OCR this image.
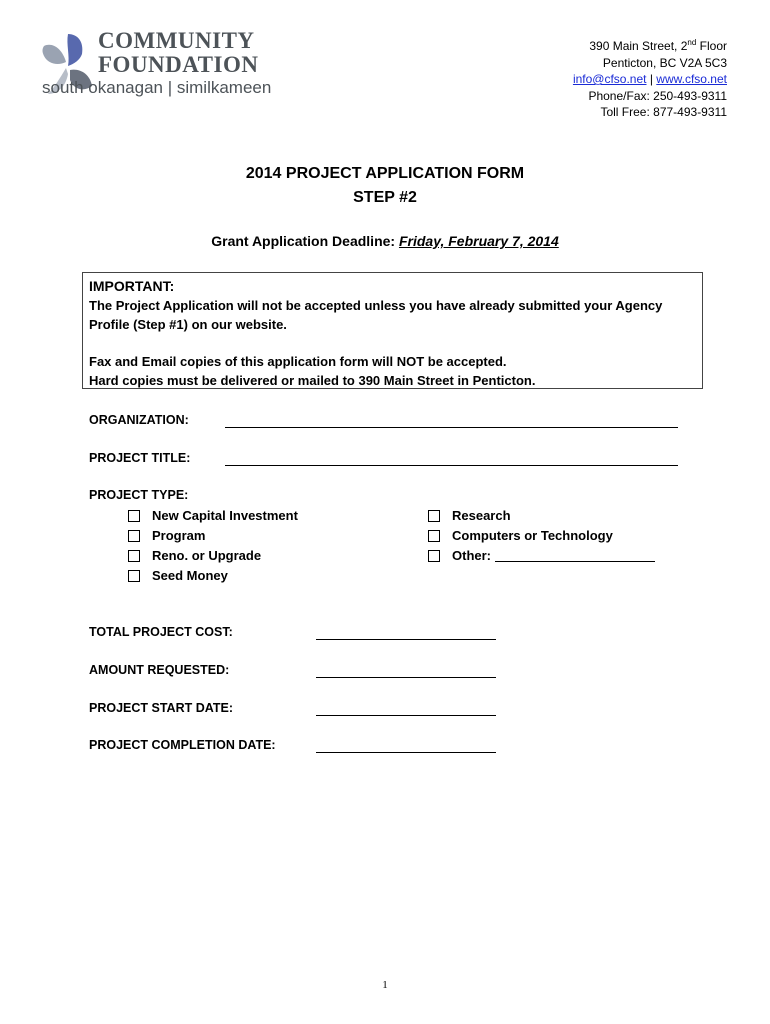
COMMUNITY
FOUNDATION
south okanagan | similkameen
390 Main Street, 2nd Floor
Penticton, BC V2A 5C3
info@cfso.net | www.cfso.net
Phone/Fax: 250-493-9311
Toll Free: 877-493-9311
2014 PROJECT APPLICATION FORM
STEP #2
Grant Application Deadline: Friday, February 7, 2014
IMPORTANT:
The Project Application will not be accepted unless you have already submitted your Agency Profile (Step #1) on our website.
Fax and Email copies of this application form will NOT be accepted.
Hard copies must be delivered or mailed to 390 Main Street in Penticton.
ORGANIZATION:
PROJECT TITLE:
PROJECT TYPE:
New Capital Investment
Program
Reno. or Upgrade
Seed Money
Research
Computers or Technology
Other:
TOTAL PROJECT COST:
AMOUNT REQUESTED:
PROJECT START DATE:
PROJECT COMPLETION DATE:
1
